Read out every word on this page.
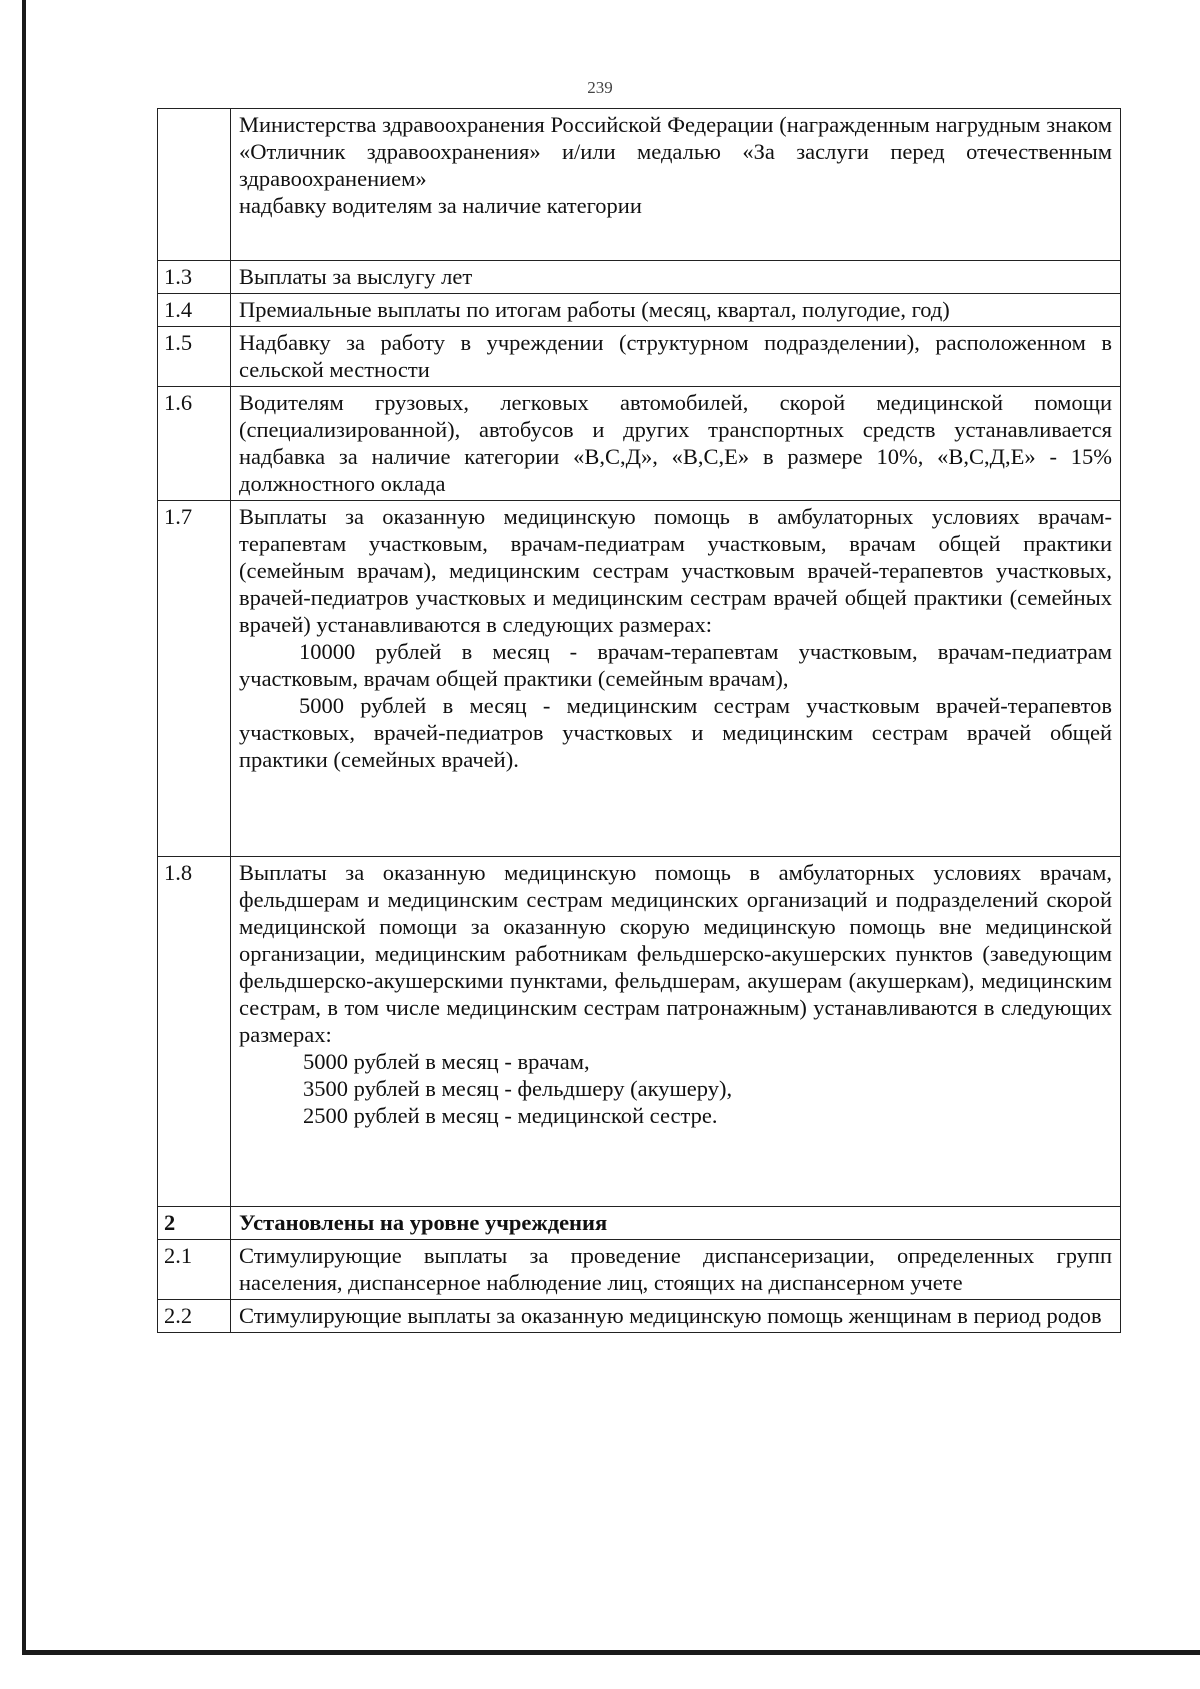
239

	Министерства здравоохранения Российской Федерации (награжденным нагрудным знаком «Отличник здравоохранения» и/или медалью «За заслуги перед отечественным здравоохранением»
надбавку водителям за наличие категории

1.3	Выплаты за выслугу лет
1.4	Премиальные выплаты по итогам работы (месяц, квартал, полугодие, год)
1.5	Надбавку за работу в учреждении (структурном подразделении), расположенном в сельской местности
1.6	Водителям грузовых, легковых автомобилей, скорой медицинской помощи (специализированной), автобусов и других транспортных средств устанавливается надбавка за наличие категории «В,С,Д», «В,С,Е» в размере 10%, «В,С,Д,Е» - 15% должностного оклада
1.7	Выплаты за оказанную медицинскую помощь в амбулаторных условиях врачам-терапевтам участковым, врачам-педиатрам участковым, врачам общей практики (семейным врачам), медицинским сестрам участковым врачей-терапевтов участковых, врачей-педиатров участковых и медицинским сестрам врачей общей практики (семейных врачей) устанавливаются в следующих размерах:
10000 рублей в месяц - врачам-терапевтам участковым, врачам-педиатрам участковым, врачам общей практики (семейным врачам),
5000 рублей в месяц - медицинским сестрам участковым врачей-терапевтов участковых, врачей-педиатров участковых и медицинским сестрам врачей общей практики (семейных врачей).

1.8	Выплаты за оказанную медицинскую помощь в амбулаторных условиях врачам, фельдшерам и медицинским сестрам медицинских организаций и подразделений скорой медицинской помощи за оказанную скорую медицинскую помощь вне медицинской организации, медицинским работникам фельдшерско-акушерских пунктов (заведующим фельдшерско-акушерскими пунктами, фельдшерам, акушерам (акушеркам), медицинским сестрам, в том числе медицинским сестрам патронажным) устанавливаются в следующих размерах:
5000 рублей в месяц - врачам,
3500 рублей в месяц - фельдшеру (акушеру),
2500 рублей в месяц - медицинской сестре.

2	Установлены на уровне учреждения
2.1	Стимулирующие выплаты за проведение диспансеризации, определенных групп населения, диспансерное наблюдение лиц, стоящих на диспансерном учете
2.2	Стимулирующие выплаты за оказанную медицинскую помощь женщинам в период родов
